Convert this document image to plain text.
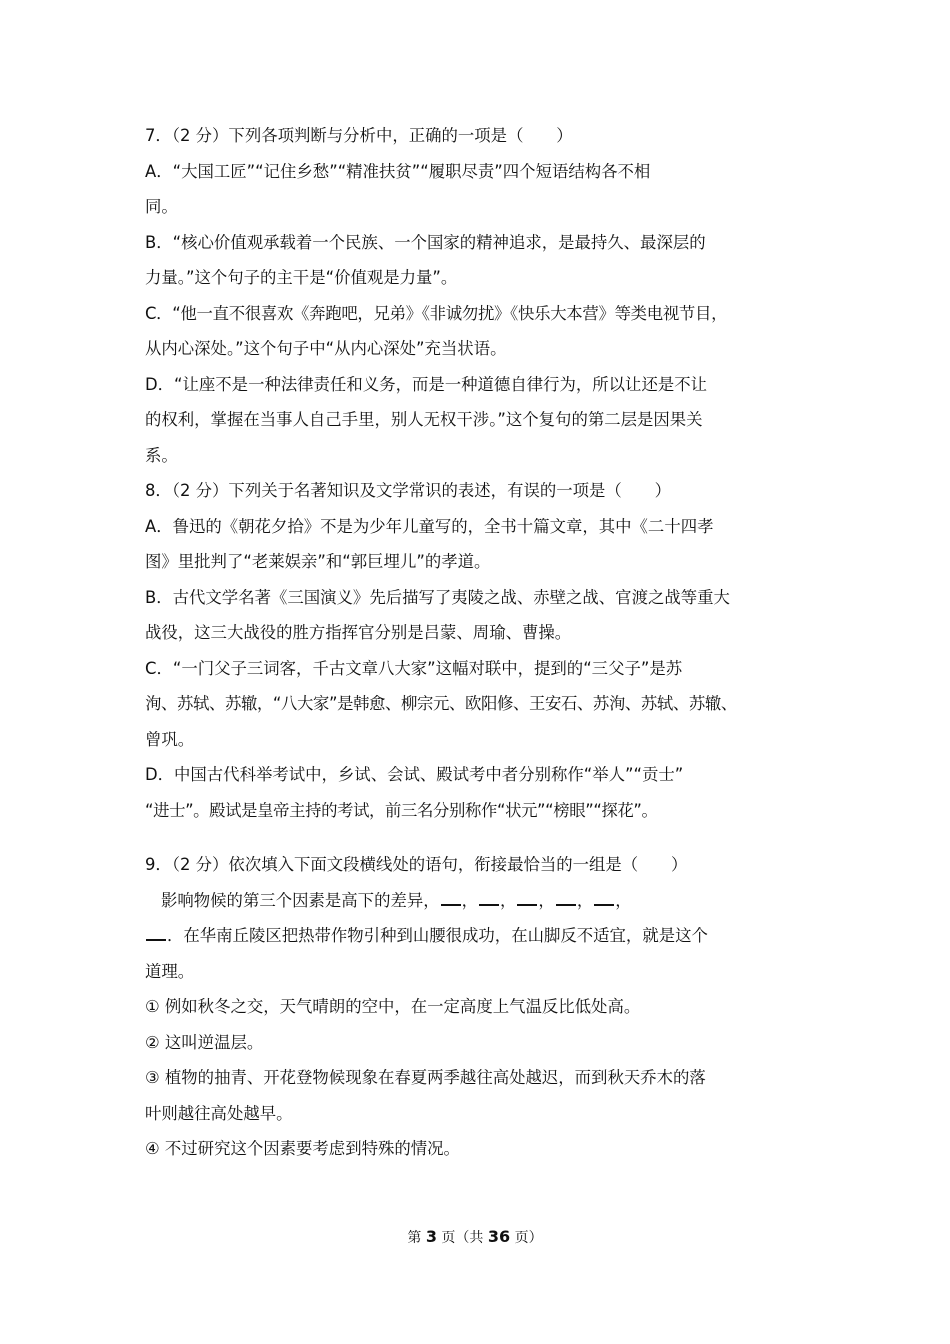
7．（2 分）下列各项判断与分析中，正确的一项是（　　）
A．“大国工匠”“记住乡愁”“精准扶贫”“履职尽责”四个短语结构各不相
同。
B．“核心价值观承载着一个民族、一个国家的精神追求，是最持久、最深层的
力量。”这个句子的主干是“价值观是力量”。
C．“他一直不很喜欢《奔跑吧，兄弟》《非诚勿扰》《快乐大本营》等类电视节目，
从内心深处。”这个句子中“从内心深处”充当状语。
D．“让座不是一种法律责任和义务，而是一种道德自律行为，所以让还是不让
的权利，掌握在当事人自己手里，别人无权干涉。”这个复句的第二层是因果关
系。
8．（2 分）下列关于名著知识及文学常识的表述，有误的一项是（　　）
A．鲁迅的《朝花夕拾》不是为少年儿童写的，全书十篇文章，其中《二十四孝
图》里批判了“老莱娱亲”和“郭巨埋儿”的孝道。
B．古代文学名著《三国演义》先后描写了夷陵之战、赤壁之战、官渡之战等重大
战役，这三大战役的胜方指挥官分别是吕蒙、周瑜、曹操。
C．“一门父子三词客，千古文章八大家”这幅对联中，提到的“三父子”是苏
洵、苏轼、苏辙，“八大家”是韩愈、柳宗元、欧阳修、王安石、苏洵、苏轼、苏辙、
曾巩。
D．中国古代科举考试中，乡试、会试、殿试考中者分别称作“举人”“贡士”
“进士”。殿试是皇帝主持的考试，前三名分别称作“状元”“榜眼”“探花”。
9．（2 分）依次填入下面文段横线处的语句，衔接最恰当的一组是（　　）
影响物候的第三个因素是高下的差异， ， ， ， ， ，
．在华南丘陵区把热带作物引种到山腰很成功，在山脚反不适宜，就是这个
道理。
① 例如秋冬之交，天气晴朗的空中，在一定高度上气温反比低处高。
② 这叫逆温层。
③ 植物的抽青、开花登物候现象在春夏两季越往高处越迟，而到秋天乔木的落
叶则越往高处越早。
④ 不过研究这个因素要考虑到特殊的情况。
第 3 页（共 36 页）
